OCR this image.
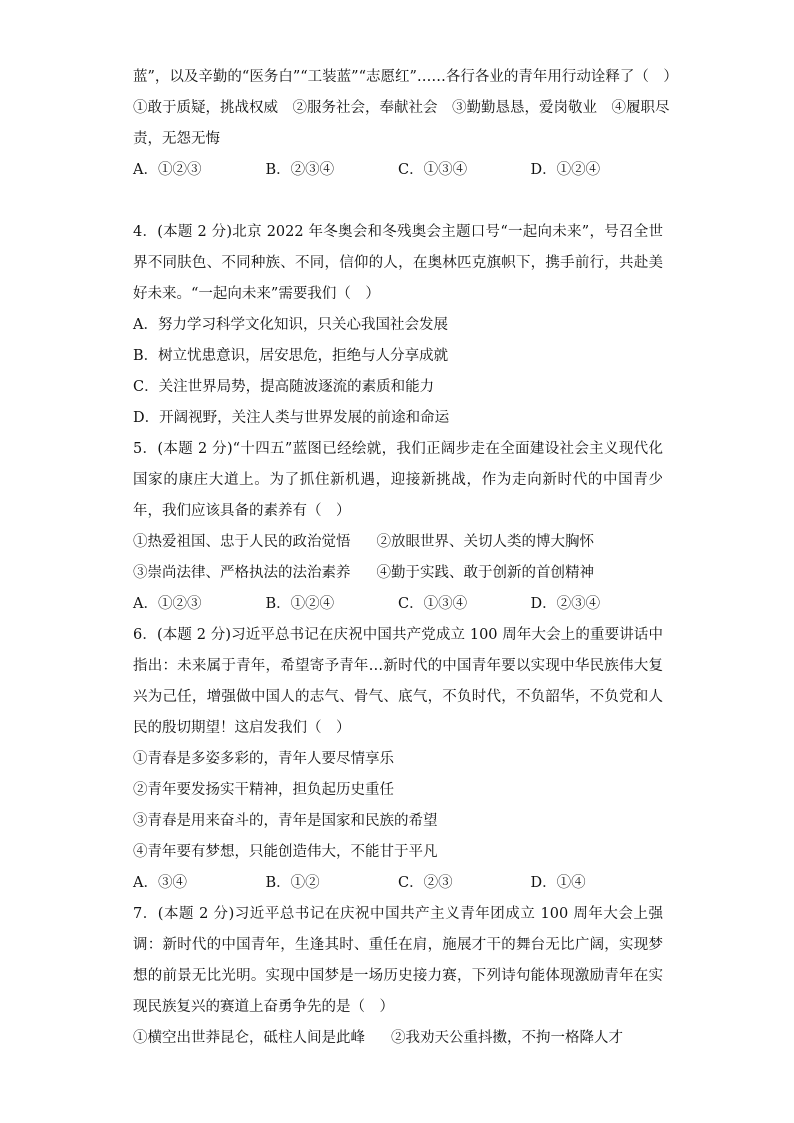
蓝”，以及辛勤的“医务白”“工装蓝”“志愿红”……各行各业的青年用行动诠释了（　）
①敢于质疑，挑战权威　②服务社会，奉献社会　③勤勤恳恳，爱岗敬业　④履职尽
责，无怨无悔
A．①②③	B．②③④	C．①③④	D．①②④
4．(本题 2 分)北京 2022 年冬奥会和冬残奥会主题口号“一起向未来”，号召全世界不同肤色、不同种族、不同，信仰的人，在奥林匹克旗帜下，携手前行，共赴美好未来。“一起向未来”需要我们（　）
A．努力学习科学文化知识，只关心我国社会发展
B．树立忧患意识，居安思危，拒绝与人分享成就
C．关注世界局势，提高随波逐流的素质和能力
D．开阔视野，关注人类与世界发展的前途和命运
5．(本题 2 分)“十四五”蓝图已经绘就，我们正阔步走在全面建设社会主义现代化国家的康庄大道上。为了抓住新机遇，迎接新挑战，作为走向新时代的中国青少年，我们应该具备的素养有（　）
①热爱祖国、忠于人民的政治觉悟 ②放眼世界、关切人类的博大胸怀
③崇尚法律、严格执法的法治素养 ④勤于实践、敢于创新的首创精神
A．①②③	B．①②④	C．①③④	D．②③④
6．(本题 2 分)习近平总书记在庆祝中国共产党成立 100 周年大会上的重要讲话中指出：未来属于青年，希望寄予青年…新时代的中国青年要以实现中华民族伟大复兴为己任，增强做中国人的志气、骨气、底气，不负时代，不负韶华，不负党和人民的殷切期望！这启发我们（　）
①青春是多姿多彩的，青年人要尽情享乐
②青年要发扬实干精神，担负起历史重任
③青春是用来奋斗的，青年是国家和民族的希望
④青年要有梦想，只能创造伟大，不能甘于平凡
A．③④	B．①②	C．②③	D．①④
7．(本题 2 分)习近平总书记在庆祝中国共产主义青年团成立 100 周年大会上强调：新时代的中国青年，生逢其时、重任在肩，施展才干的舞台无比广阔，实现梦想的前景无比光明。实现中国梦是一场历史接力赛，下列诗句能体现激励青年在实现民族复兴的赛道上奋勇争先的是（　）
①横空出世莽昆仑，砥柱人间是此峰 ②我劝天公重抖擞，不拘一格降人才
